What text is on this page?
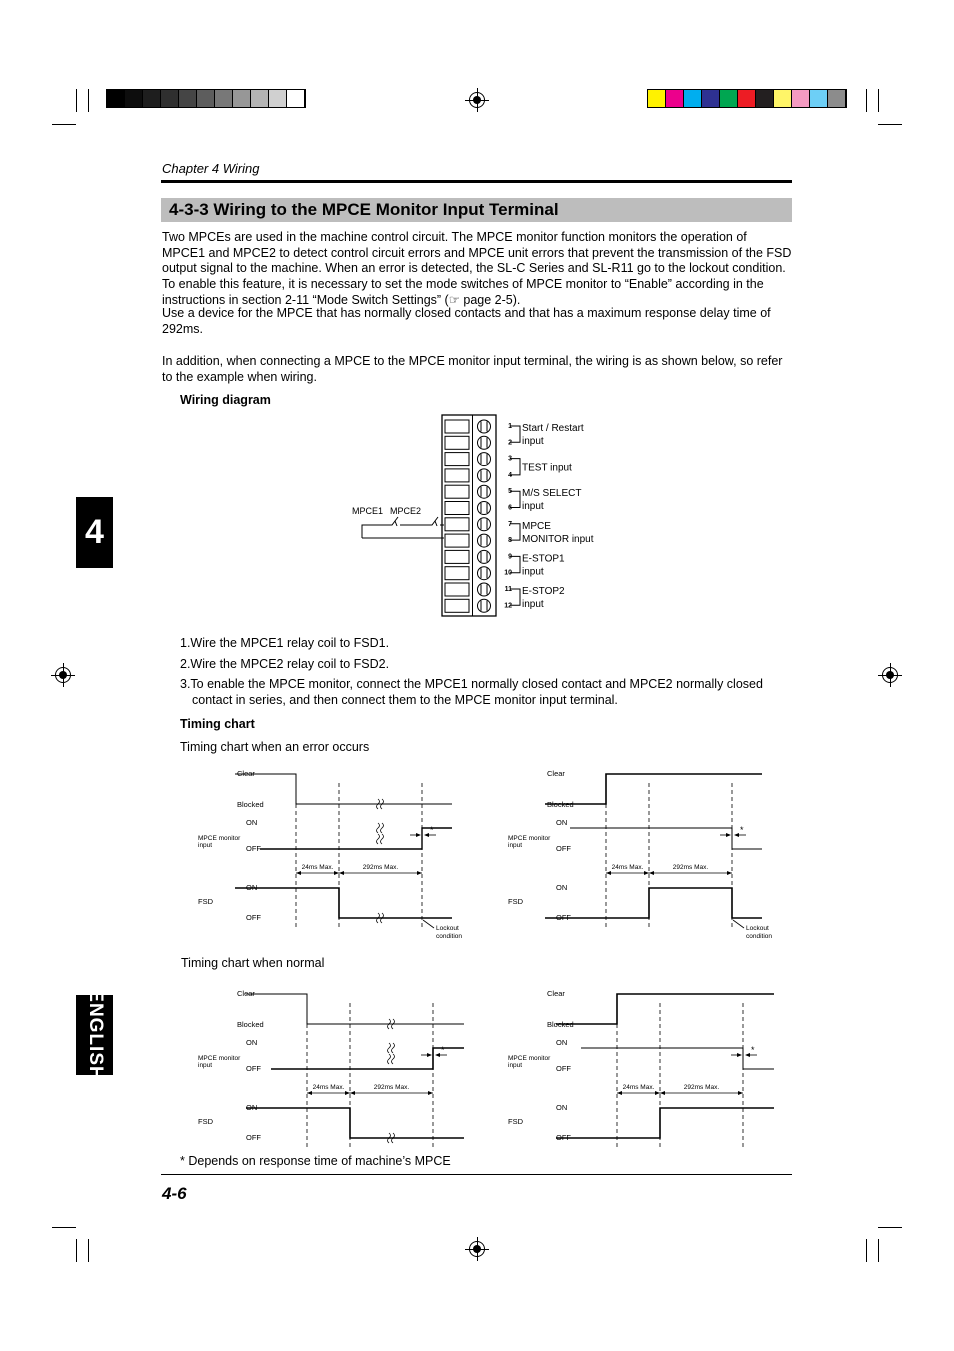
Chapter 4 Wiring
4-3-3 Wiring to the MPCE Monitor Input Terminal
Two MPCEs are used in the machine control circuit. The MPCE monitor function monitors the operation of MPCE1 and MPCE2 to detect control circuit errors and MPCE unit errors that prevent the transmission of the FSD output signal to the machine. When an error is detected, the SL-C Series and SL-R11 go to the lockout condition. To enable this feature, it is necessary to set the mode switches of MPCE monitor to “Enable” according in the instructions in section 2-11 “Mode Switch Settings” (☞ page 2-5).
Use a device for the MPCE that has normally closed contacts and that has a maximum response delay time of 292ms.
In addition, when connecting a MPCE to the MPCE monitor input terminal, the wiring is as shown below, so refer to the example when wiring.
Wiring diagram
MPCE1 MPCE2
1
2
3
4
5
6
7
8
9
10
11
12
Start / Restart
input
TEST input
M/S SELECT
input
MPCE
MONITOR input
E-STOP1
input
E-STOP2
input

1.Wire the MPCE1 relay coil to FSD1.

2.Wire the MPCE2 relay coil to FSD2.

3.To enable the MPCE monitor, connect the MPCE1 normally closed contact and MPCE2 normally closed contact in series, and then connect them to the MPCE monitor input terminal.

Timing chart
Timing chart when an error occurs
Timing chart when normal
Clear
Blocked
ON
OFF
MPCE monitor
input
ON
FSD
OFF
24ms Max.	292ms Max.
*
Lockout
condition
Clear
Blocked
ON
OFF
MPCE monitor
input
ON
FSD
OFF
24ms Max.	292ms Max.
*
Lockout
condition
Clear
Blocked
ON
OFF
MPCE monitor
input
ON
FSD
OFF
24ms Max.	292ms Max.
*
Clear
Blocked
ON
OFF
MPCE monitor
input
ON
FSD
OFF
24ms Max.	292ms Max.
*
* Depends on response time of machine’s MPCE
4-6
4
ENGLISH
